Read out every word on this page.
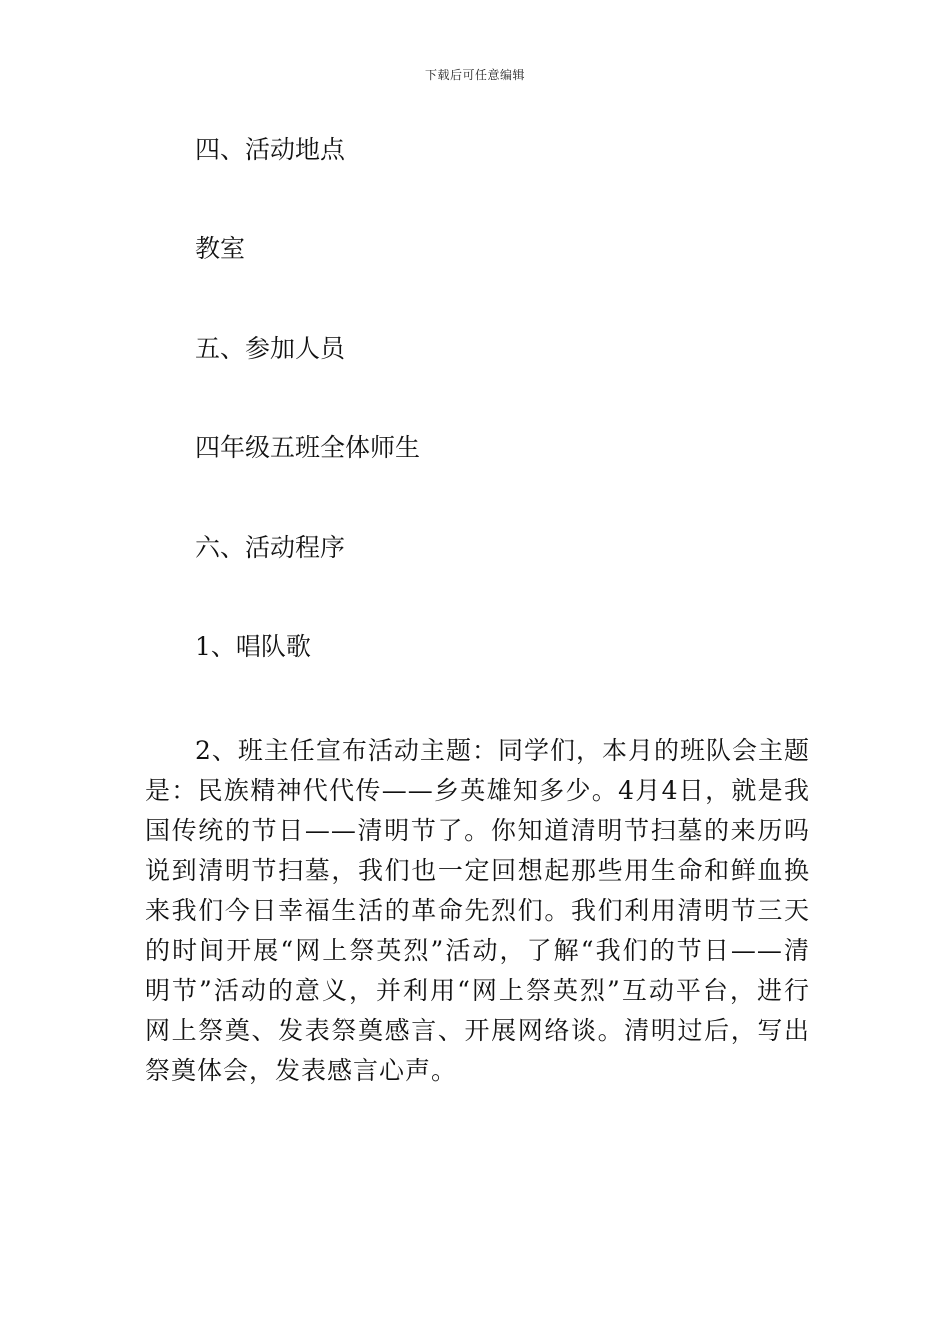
下载后可任意编辑

四、活动地点

教室

五、参加人员

四年级五班全体师生

六、活动程序

1、唱队歌

2、班主任宣布活动主题：同学们，本月的班队会主题是：民族精神代代传——乡英雄知多少。4月4日，就是我国传统的节日——清明节了。你知道清明节扫墓的来历吗说到清明节扫墓，我们也一定回想起那些用生命和鲜血换来我们今日幸福生活的革命先烈们。我们利用清明节三天的时间开展“网上祭英烈”活动，了解“我们的节日——清明节”活动的意义，并利用“网上祭英烈”互动平台，进行网上祭奠、发表祭奠感言、开展网络谈。清明过后，写出祭奠体会，发表感言心声。
